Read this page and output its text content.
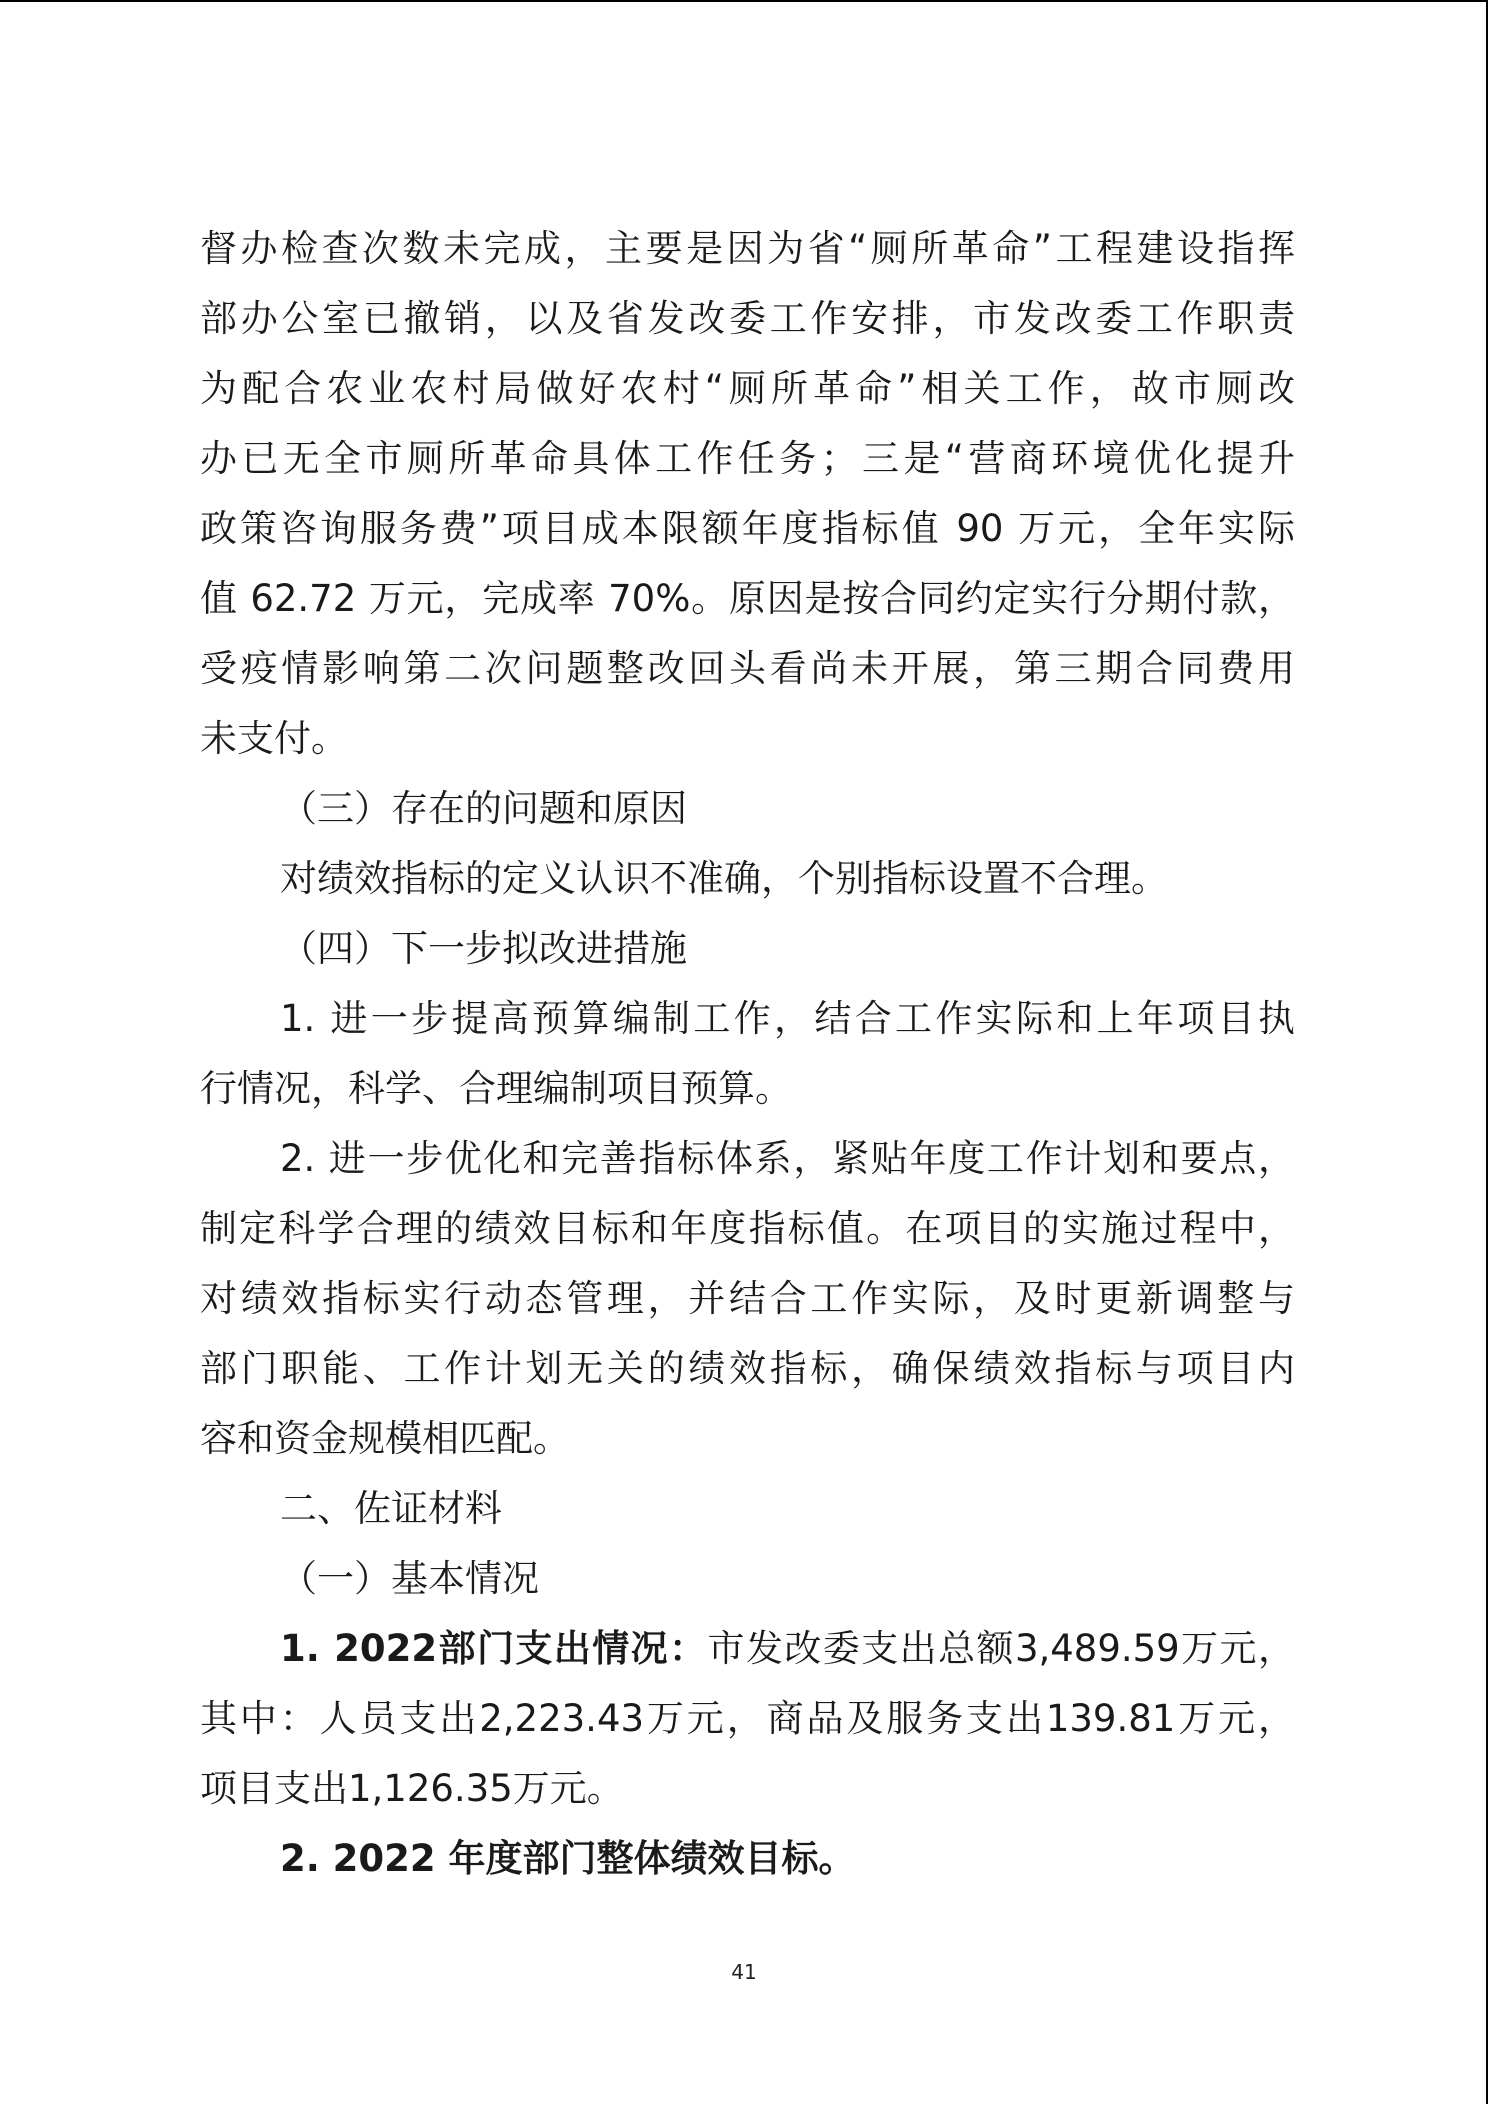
督办检查次数未完成，主要是因为省“厕所革命”工程建设指挥
部办公室已撤销，以及省发改委工作安排，市发改委工作职责
为配合农业农村局做好农村“厕所革命”相关工作，故市厕改
办已无全市厕所革命具体工作任务；三是“营商环境优化提升
政策咨询服务费”项目成本限额年度指标值 90 万元，全年实际
值 62.72 万元，完成率 70%。原因是按合同约定实行分期付款，
受疫情影响第二次问题整改回头看尚未开展，第三期合同费用
未支付。
（三）存在的问题和原因
对绩效指标的定义认识不准确，个别指标设置不合理。
（四）下一步拟改进措施
1. 进一步提高预算编制工作，结合工作实际和上年项目执
行情况，科学、合理编制项目预算。
2. 进一步优化和完善指标体系，紧贴年度工作计划和要点，
制定科学合理的绩效目标和年度指标值。在项目的实施过程中，
对绩效指标实行动态管理，并结合工作实际，及时更新调整与
部门职能、工作计划无关的绩效指标，确保绩效指标与项目内
容和资金规模相匹配。
二、佐证材料
（一）基本情况
1. 2022部门支出情况：市发改委支出总额3,489.59万元，
其中：人员支出2,223.43万元，商品及服务支出139.81万元，
项目支出1,126.35万元。
2. 2022 年度部门整体绩效目标。
41
